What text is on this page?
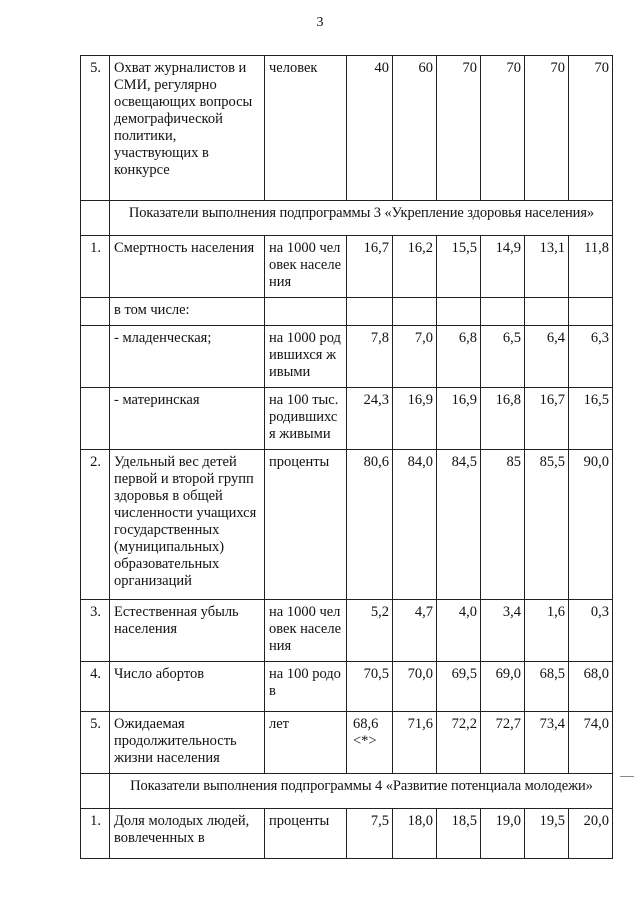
3
5.	Охват журналистов и СМИ, регулярно освещающих вопросы демографической политики, участвующих в конкурсе	человек	40	60	70	70	70	70
	Показатели выполнения подпрограммы 3 «Укрепление здоровья населения»							
1.	Смертность населения	на 1000 человек населения	16,7	16,2	15,5	14,9	13,1	11,8
	в том числе:							
	- младенческая;	на 1000 родившихся живыми	7,8	7,0	6,8	6,5	6,4	6,3
	- материнская	на 100 тыс. родившихся живыми	24,3	16,9	16,9	16,8	16,7	16,5
2.	Удельный вес детей первой и второй групп здоровья в общей численности учащихся государственных (муниципальных) образовательных организаций	проценты	80,6	84,0	84,5	85	85,5	90,0
3.	Естественная убыль населения	на 1000 человек населения	5,2	4,7	4,0	3,4	1,6	0,3
4.	Число абортов	на 100 родов	70,5	70,0	69,5	69,0	68,5	68,0
5.	Ожидаемая продолжительность жизни населения	лет	68,6 <*>	71,6	72,2	72,7	73,4	74,0
	Показатели выполнения подпрограммы 4 «Развитие потенциала молодежи»							
1.	Доля молодых людей, вовлеченных в	проценты	7,5	18,0	18,5	19,0	19,5	20,0
